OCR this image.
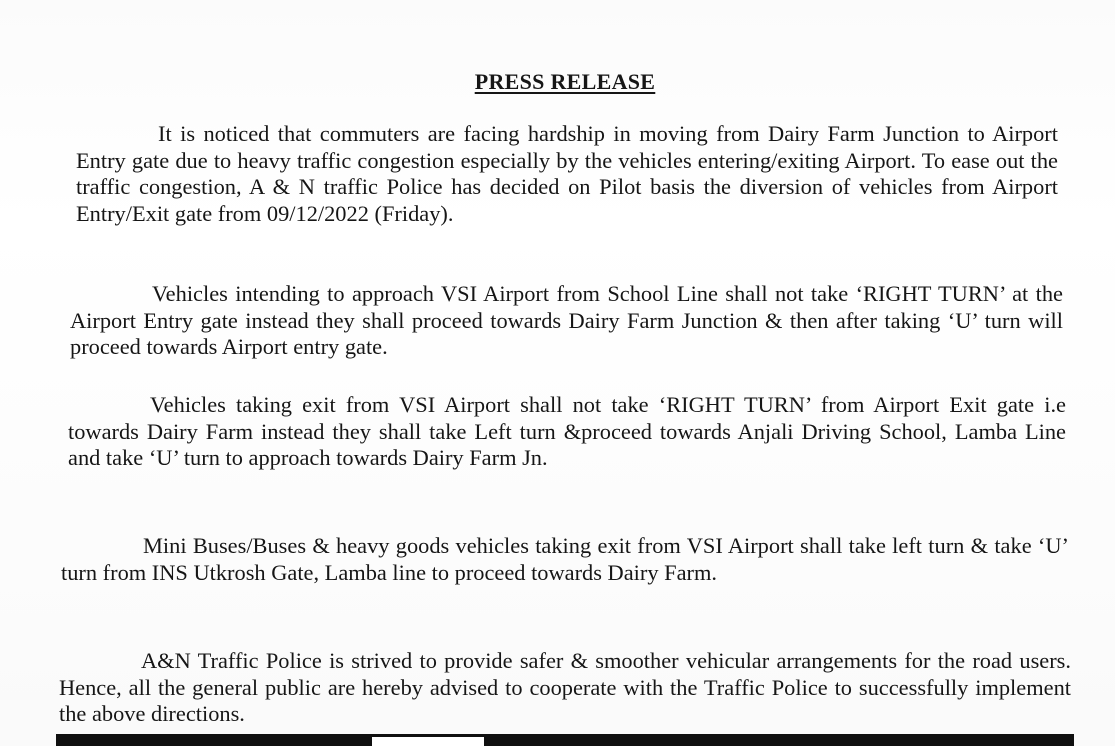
PRESS RELEASE

It is noticed that commuters are facing hardship in moving from Dairy Farm Junction to Airport Entry gate due to heavy traffic congestion especially by the vehicles entering/exiting Airport. To ease out the traffic congestion, A & N traffic Police has decided on Pilot basis the diversion of vehicles from Airport Entry/Exit gate from 09/12/2022 (Friday).

Vehicles intending to approach VSI Airport from School Line shall not take ‘RIGHT TURN’ at the Airport Entry gate instead they shall proceed towards Dairy Farm Junction & then after taking ‘U’ turn will proceed towards Airport entry gate.

Vehicles taking exit from VSI Airport shall not take ‘RIGHT TURN’ from Airport Exit gate i.e towards Dairy Farm instead they shall take Left turn &proceed towards Anjali Driving School, Lamba Line and take ‘U’ turn to approach towards Dairy Farm Jn.

Mini Buses/Buses & heavy goods vehicles taking exit from VSI Airport shall take left turn & take ‘U’ turn from INS Utkrosh Gate, Lamba line to proceed towards Dairy Farm.

A&N Traffic Police is strived to provide safer & smoother vehicular arrangements for the road users. Hence, all the general public are hereby advised to cooperate with the Traffic Police to successfully implement the above directions.
